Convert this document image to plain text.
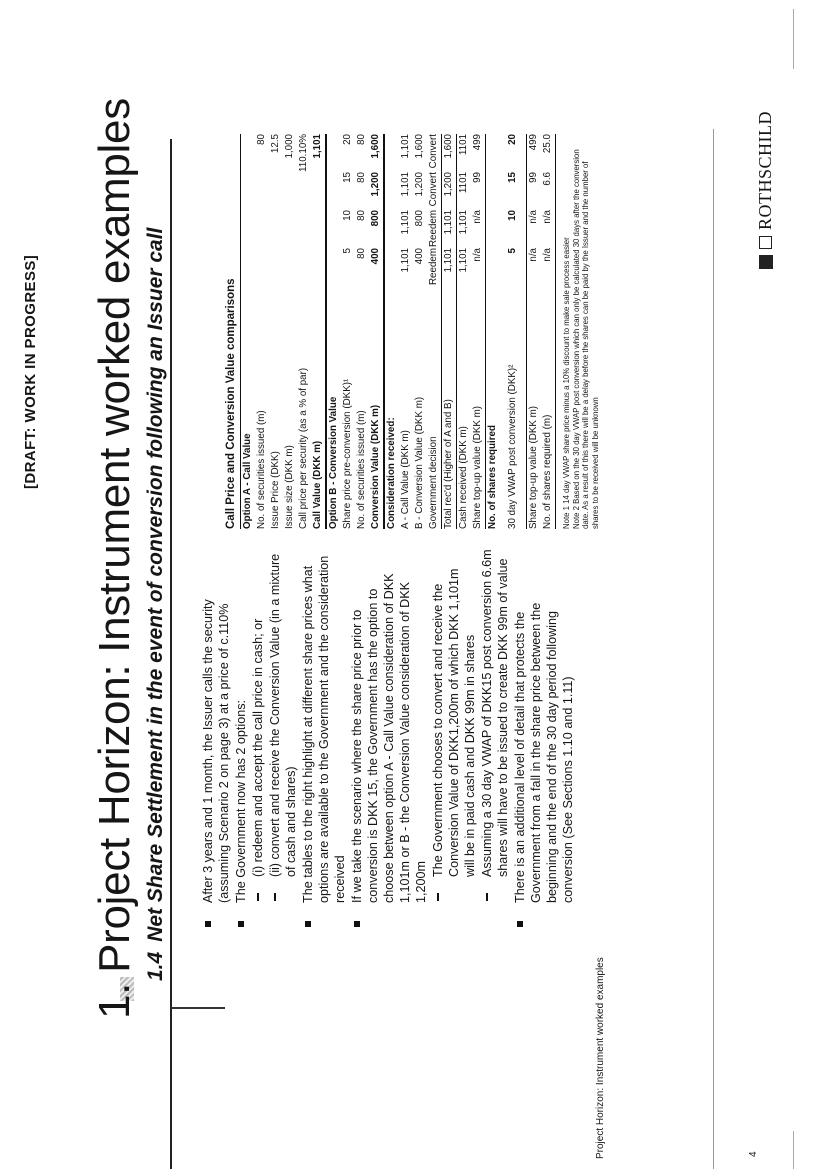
[DRAFT: WORK IN PROGRESS]
1.Project Horizon: Instrument worked examples 1.4Net Share Settlement in the event of conversion following an Issuer call	After 3 years and 1 month, the Issuer calls the security (assuming Scenario 2 on page 3) at a price of c.110% The Government now has 2 options: (i) redeem and accept the call price in cash; or (ii) convert and receive the Conversion Value (in a mixture of cash and shares) The tables to the right highlight at different share prices what options are available to the Government and the consideration received If we take the scenario where the share price prior to conversion is DKK 15, the Government has the option to choose between option A - Call Value consideration of DKK 1,101m or B - the Conversion Value consideration of DKK 1,200m
The Government chooses to convert and receive the Conversion Value of DKK1,200m of which DKK 1,101m will be in paid cash and DKK 99m in shares Assuming a 30 day VWAP of DKK15 post conversion 6.6m shares will have to be issued to create DKK 99m of value There is an additional level of detail that protects the Government from a fall in the share price between the beginning and the end of the 30 day period following conversion (See Sections 1.10 and 1.11)
Call Price and Conversion Value comparisons Option A - Call Value No. of securities issued (m)
80
Issue Price (DKK)
12.5
Issue size (DKK m)
1,000
Call price per security (as a % of par)
110.10%
Call Value (DKK m)
1,101
Option B - Conversion Value Share price pre-conversion (DKK)¹
5
10
15
20
No. of securities issued (m)
80
80
80
80
Conversion Value (DKK m)
400
800
1,200
1,600
Consideration received: A - Call Value (DKK m)
1,101
1,101
1,101
1,101
B - Conversion Value (DKK m)
400
800
1,200
1,600
Government decision
Reedem
Reedem
Convert
Convert
Total rec'd (Higher of A and B)
1,101
1,101
1,200
1,600
Cash received (DKK m)
1,101
1,101
1101
1101
Share top-up value (DKK m)
n/a
n/a
99
499
No. of shares required 30 day VWAP post conversion (DKK)²
5
10
15
20
Share top-up value (DKK m)
n/a
n/a
99
499
No. of shares required (m)
n/a
n/a
6.6
25.0
Note 1 14 day VWAP share price minus a 10% discount to make sale process easier Note 2 Based on the 30 day VWAP post conversion which can only be calculated 30 days after the conversion date. As a result of this there will be a delay before the shares can be paid by the Issuer and the number of shares to be received will be unknown
Project Horizon: Instrument worked examples	4
ROTHSCHILD
